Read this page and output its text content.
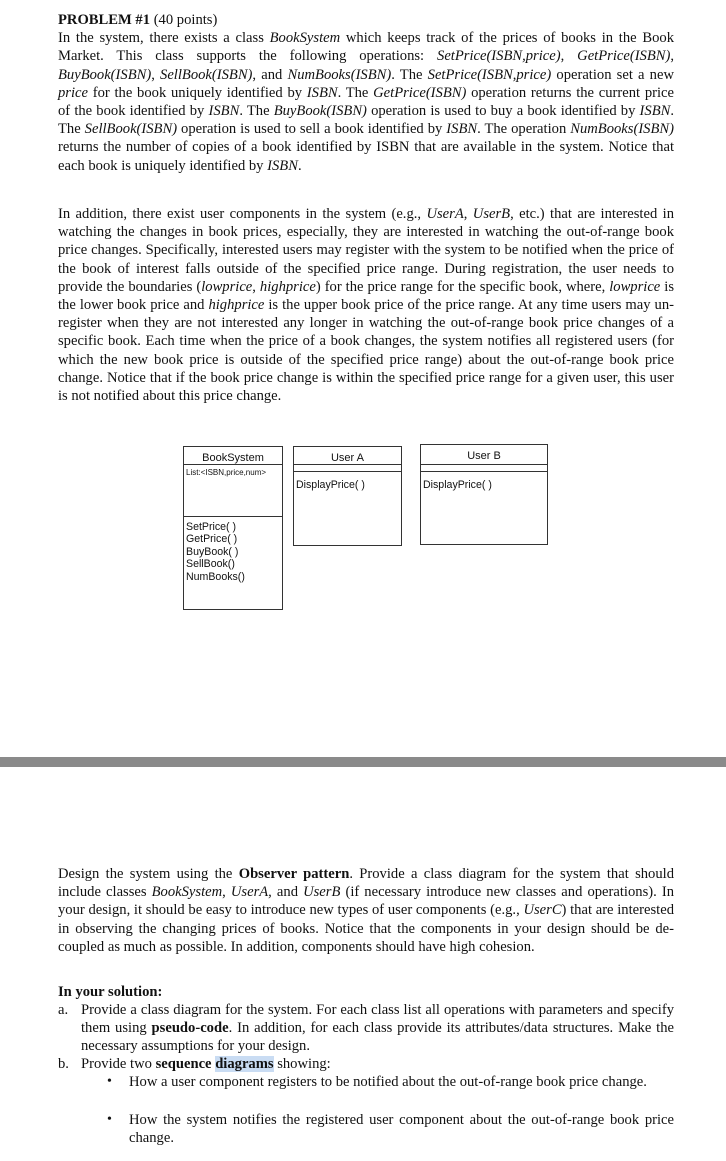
PROBLEM #1 (40 points)
In the system, there exists a class BookSystem which keeps track of the prices of books in the Book Market. This class supports the following operations: SetPrice(ISBN,price), GetPrice(ISBN), BuyBook(ISBN), SellBook(ISBN), and NumBooks(ISBN). The SetPrice(ISBN,price) operation set a new price for the book uniquely identified by ISBN. The GetPrice(ISBN) operation returns the current price of the book identified by ISBN. The BuyBook(ISBN) operation is used to buy a book identified by ISBN. The SellBook(ISBN) operation is used to sell a book identified by ISBN. The operation NumBooks(ISBN) returns the number of copies of a book identified by ISBN that are available in the system. Notice that each book is uniquely identified by ISBN.
In addition, there exist user components in the system (e.g., UserA, UserB, etc.) that are interested in watching the changes in book prices, especially, they are interested in watching the out-of-range book price changes. Specifically, interested users may register with the system to be notified when the price of the book of interest falls outside of the specified price range. During registration, the user needs to provide the boundaries (lowprice, highprice) for the price range for the specific book, where, lowprice is the lower book price and highprice is the upper book price of the price range. At any time users may un-register when they are not interested any longer in watching the out-of-range book price changes of a specific book. Each time when the price of a book changes, the system notifies all registered users (for which the new book price is outside of the specified price range) about the out-of-range book price change. Notice that if the book price change is within the specified price range for a given user, this user is not notified about this price change.
BookSystem
List:<ISBN,price,num>
SetPrice( )
GetPrice( )
BuyBook( )
SellBook()
NumBooks()
User A
DisplayPrice( )
User B
DisplayPrice( )
Design the system using the Observer pattern. Provide a class diagram for the system that should include classes BookSystem, UserA, and UserB (if necessary introduce new classes and operations). In your design, it should be easy to introduce new types of user components (e.g., UserC) that are interested in observing the changing prices of books. Notice that the components in your design should be de-coupled as much as possible. In addition, components should have high cohesion.
In your solution:
a. Provide a class diagram for the system. For each class list all operations with parameters and specify them using pseudo-code. In addition, for each class provide its attributes/data structures. Make the necessary assumptions for your design.
b. Provide two sequence diagrams showing:
• How a user component registers to be notified about the out-of-range book price change.
• How the system notifies the registered user component about the out-of-range book price change.
